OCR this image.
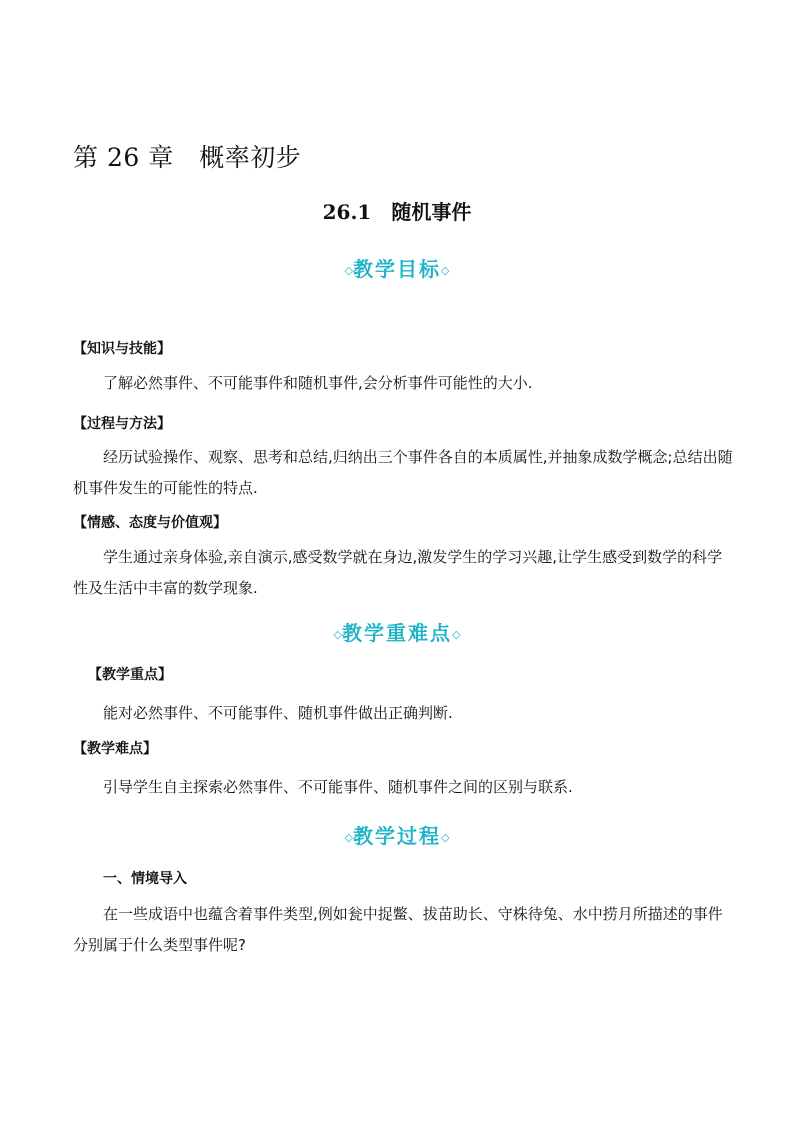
第 26 章　概率初步
26.1　随机事件
◇教学目标◇
【知识与技能】
了解必然事件、不可能事件和随机事件,会分析事件可能性的大小.
【过程与方法】
经历试验操作、观察、思考和总结,归纳出三个事件各自的本质属性,并抽象成数学概念;总结出随机事件发生的可能性的特点.
【情感、态度与价值观】
学生通过亲身体验,亲自演示,感受数学就在身边,激发学生的学习兴趣,让学生感受到数学的科学性及生活中丰富的数学现象.
◇教学重难点◇
【教学重点】
能对必然事件、不可能事件、随机事件做出正确判断.
【教学难点】
引导学生自主探索必然事件、不可能事件、随机事件之间的区别与联系.
◇教学过程◇
一、情境导入
在一些成语中也蕴含着事件类型,例如瓮中捉鳖、拔苗助长、守株待兔、水中捞月所描述的事件分别属于什么类型事件呢?
